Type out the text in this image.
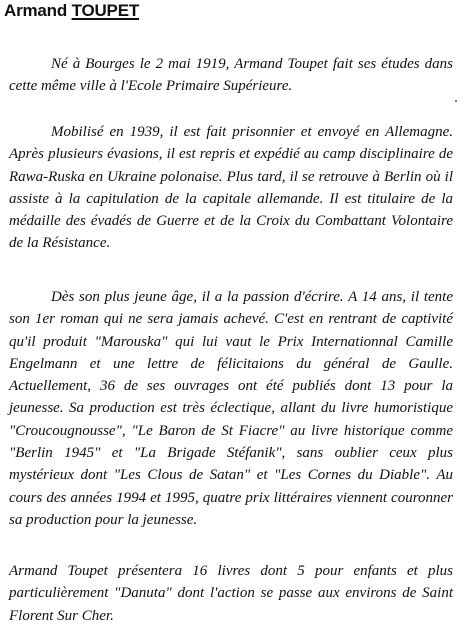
Armand TOUPET

Né à Bourges le 2 mai 1919, Armand Toupet fait ses études dans cette même ville à l'Ecole Primaire Supérieure.

Mobilisé en 1939, il est fait prisonnier et envoyé en Allemagne. Après plusieurs évasions, il est repris et expédié au camp disciplinaire de Rawa-Ruska en Ukraine polonaise. Plus tard, il se retrouve à Berlin où il assiste à la capitulation de la capitale allemande. Il est titulaire de la médaille des évadés de Guerre et de la Croix du Combattant Volontaire de la Résistance.

Dès son plus jeune âge, il a la passion d'écrire. A 14 ans, il tente son 1er roman qui ne sera jamais achevé. C'est en rentrant de captivité qu'il produit "Marouska" qui lui vaut le Prix Internationnal Camille Engelmann et une lettre de félicitaions du général de Gaulle. Actuellement, 36 de ses ouvrages ont été publiés dont 13 pour la jeunesse. Sa production est très éclectique, allant du livre humoristique "Croucougnousse", "Le Baron de St Fiacre" au livre historique comme "Berlin 1945" et "La Brigade Stéfanik", sans oublier ceux plus mystérieux dont "Les Clous de Satan" et "Les Cornes du Diable". Au cours des années 1994 et 1995, quatre prix littéraires viennent couronner sa production pour la jeunesse.

Armand Toupet présentera 16 livres dont 5 pour enfants et plus particulièrement "Danuta" dont l'action se passe aux environs de Saint Florent Sur Cher.
